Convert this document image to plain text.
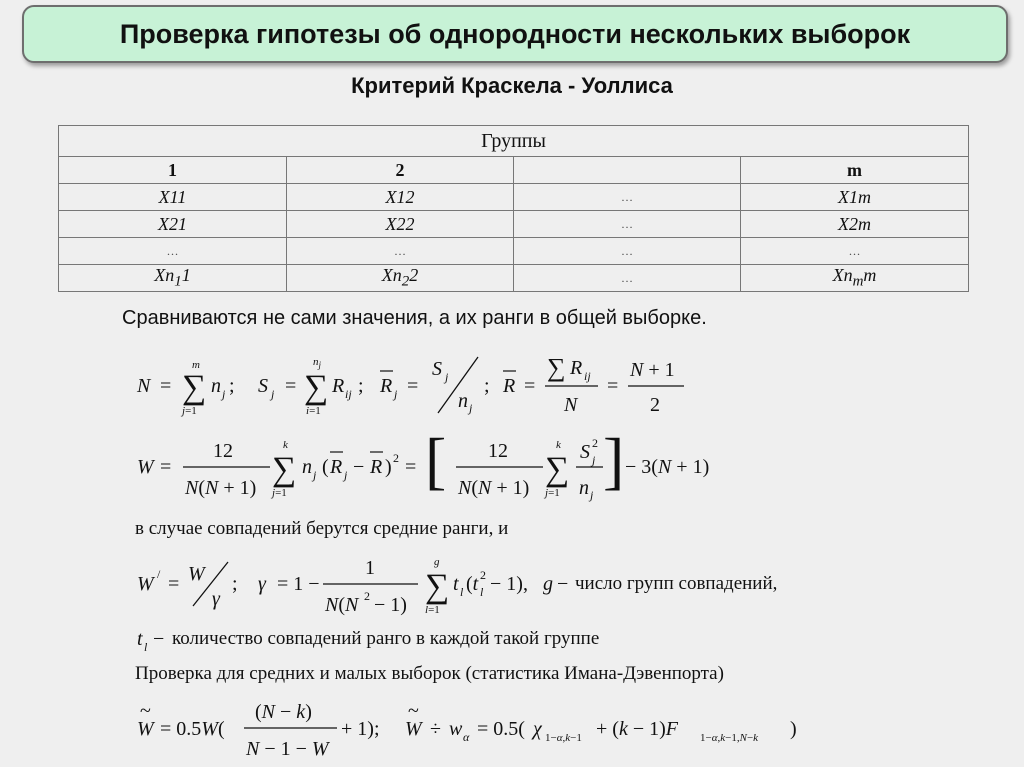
Проверка гипотезы об однородности нескольких выборок
Критерий Краскела - Уоллиса
Группы			
1	2		m
X11	X12	…	X1m
X21	X22	…	X2m
…	…	…	…
$Xn_11$	$Xn_22$	…	$Xn_mm$
Сравниваются не сами значения, а их ранги в общей выборке.
N = ∑
m
j=1
n j ; S j = ∑
$n_j$
i=1
R ij ; R j =
S j
n j
; R =
∑ R ij
N
=
N + 1
2
W =
12
N(N + 1) ∑
k
j=1
n j ( R j − R ) 2 = [ 12
N(N + 1) ∑
k
j=1
S 2
j
n j ] − 3(N + 1)
W / = W
γ
; γ = 1 −
1
N(N 2 − 1) ∑
g
l=1
t l (t 2
l − 1), g −
t l −
W
~
= 0.5W(
(N − k)
N − 1 − W
+ 1); W
~
÷ w α = 0.5( χ 1−α,k−1 + (k − 1)F 1−α,k−1,N−k )
в случае совпадений берутся средние ранги, и
число групп совпадений,
количество совпадений ранго в каждой такой группе
Проверка для средних и малых выборок (статистика Имана-Дэвенпорта)
